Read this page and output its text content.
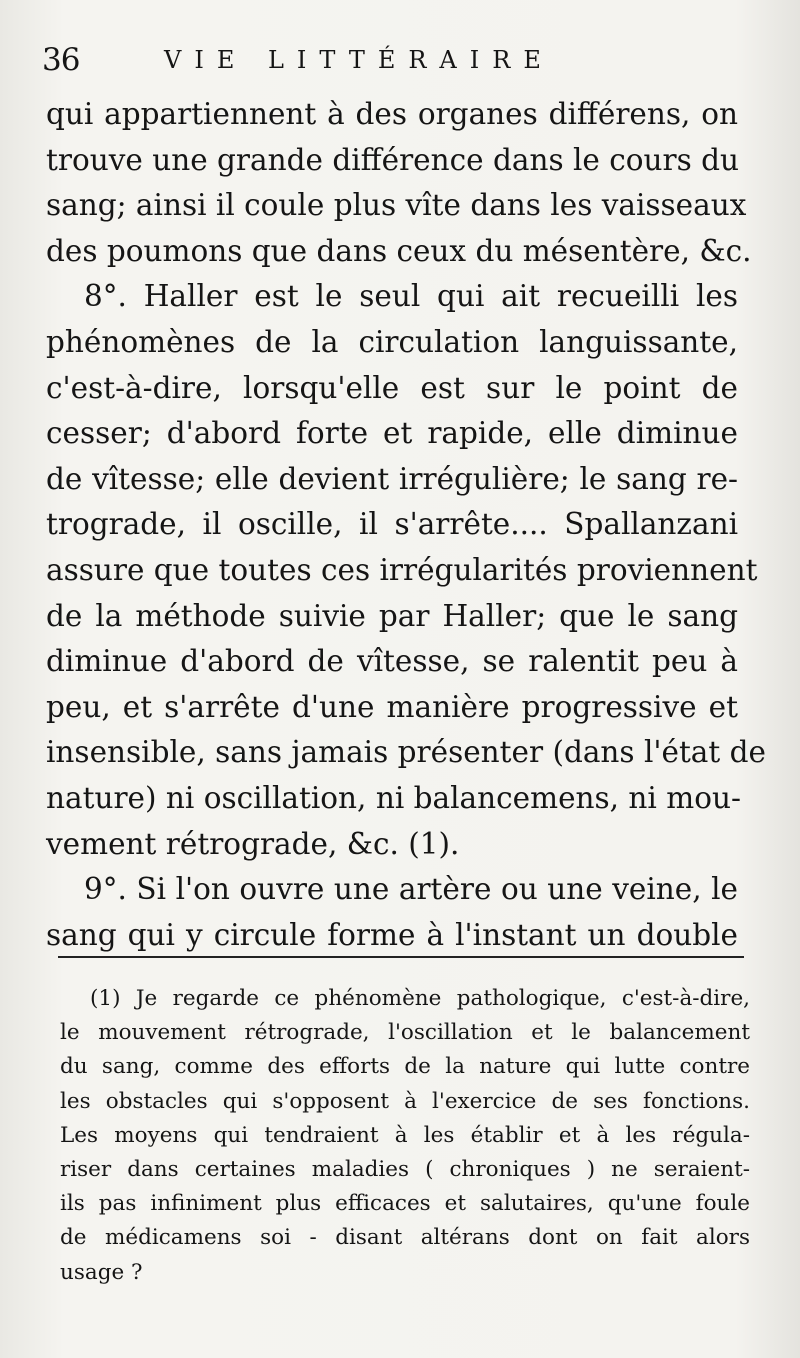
36	VIE LITTÉRAIRE
qui appartiennent à des organes différens, on
trouve une grande différence dans le cours du
sang; ainsi il coule plus vîte dans les vaisseaux
des poumons que dans ceux du mésentère, &c.
8°. Haller est le seul qui ait recueilli les
phénomènes de la circulation languissante,
c'est-à-dire, lorsqu'elle est sur le point de
cesser; d'abord forte et rapide, elle diminue
de vîtesse; elle devient irrégulière; le sang re-
trograde, il oscille, il s'arrête.... Spallanzani
assure que toutes ces irrégularités proviennent
de la méthode suivie par Haller; que le sang
diminue d'abord de vîtesse, se ralentit peu à
peu, et s'arrête d'une manière progressive et
insensible, sans jamais présenter (dans l'état de
nature) ni oscillation, ni balancemens, ni mou-
vement rétrograde, &c. (1).
9°. Si l'on ouvre une artère ou une veine, le
sang qui y circule forme à l'instant un double
(1) Je regarde ce phénomène pathologique, c'est-à-dire,
le mouvement rétrograde, l'oscillation et le balancement
du sang, comme des efforts de la nature qui lutte contre
les obstacles qui s'opposent à l'exercice de ses fonctions.
Les moyens qui tendraient à les établir et à les régula-
riser dans certaines maladies ( chroniques ) ne seraient-
ils pas infiniment plus efficaces et salutaires, qu'une foule
de médicamens soi - disant altérans dont on fait alors
usage ?
